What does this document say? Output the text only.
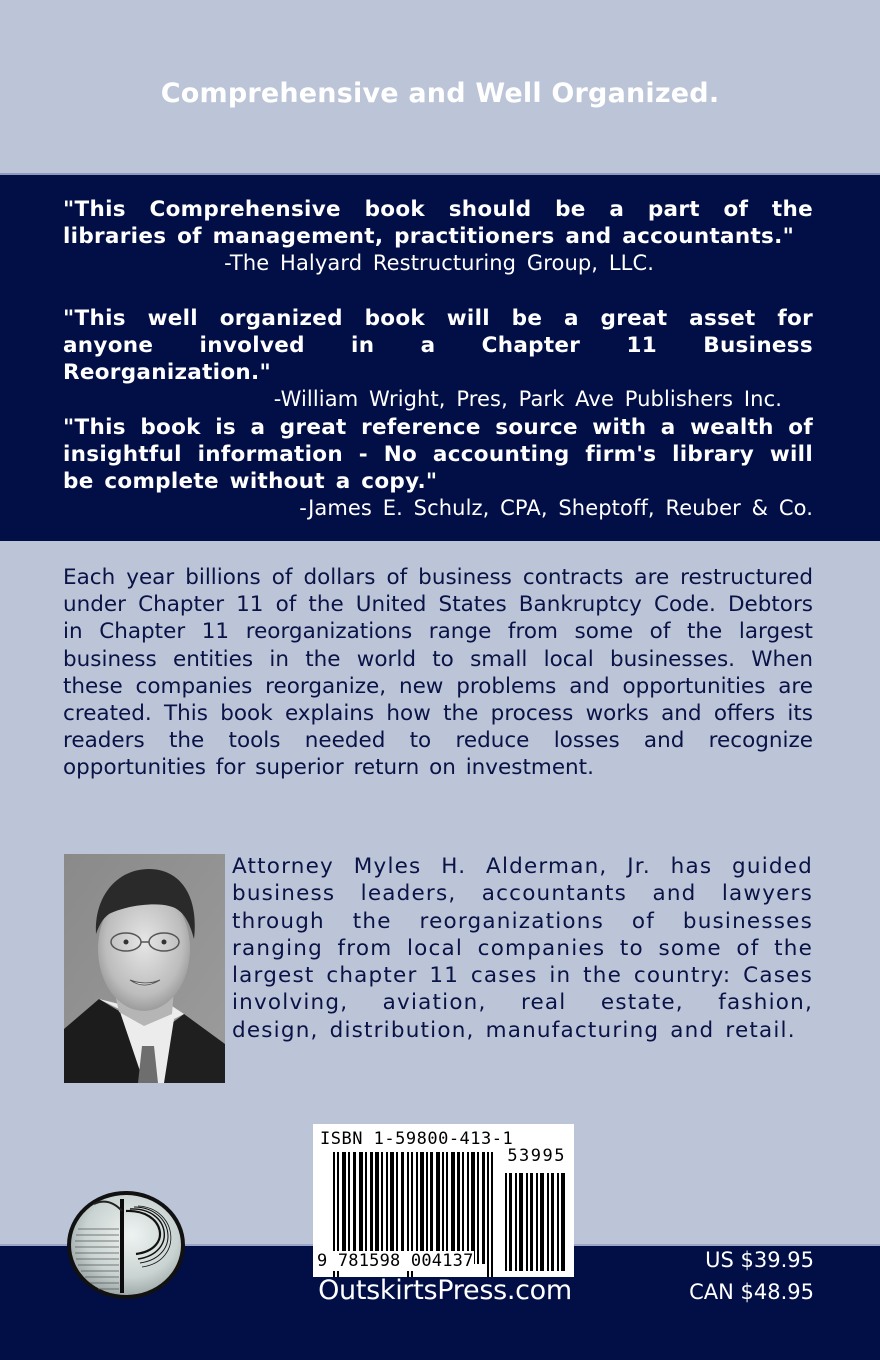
Comprehensive and Well Organized.
"This Comprehensive book should be a part of the libraries of management, practitioners and accountants."
-The Halyard Restructuring Group, LLC.
"This well organized book will be a great asset for anyone involved in a Chapter 11 Business Reorganization."
-William Wright, Pres, Park Ave Publishers Inc.
"This book is a great reference source with a wealth of insightful information - No accounting firm's library will be complete without a copy."
-James E. Schulz, CPA, Sheptoff, Reuber & Co.
Each year billions of dollars of business contracts are restructured under Chapter 11 of the United States Bankruptcy Code. Debtors in Chapter 11 reorganizations range from some of the largest business entities in the world to small local businesses. When these companies reorganize, new problems and opportunities are created. This book explains how the process works and offers its readers the tools needed to reduce losses and recognize opportunities for superior return on investment.
Attorney Myles H. Alderman, Jr. has guided business leaders, accountants and lawyers through the reorganizations of businesses ranging from local companies to some of the largest chapter 11 cases in the country: Cases involving, aviation, real estate, fashion, design, distribution, manufacturing and retail.
ISBN 1-59800-413-1
53995
9 781598 004137
OutskirtsPress.com
US $39.95
CAN $48.95
